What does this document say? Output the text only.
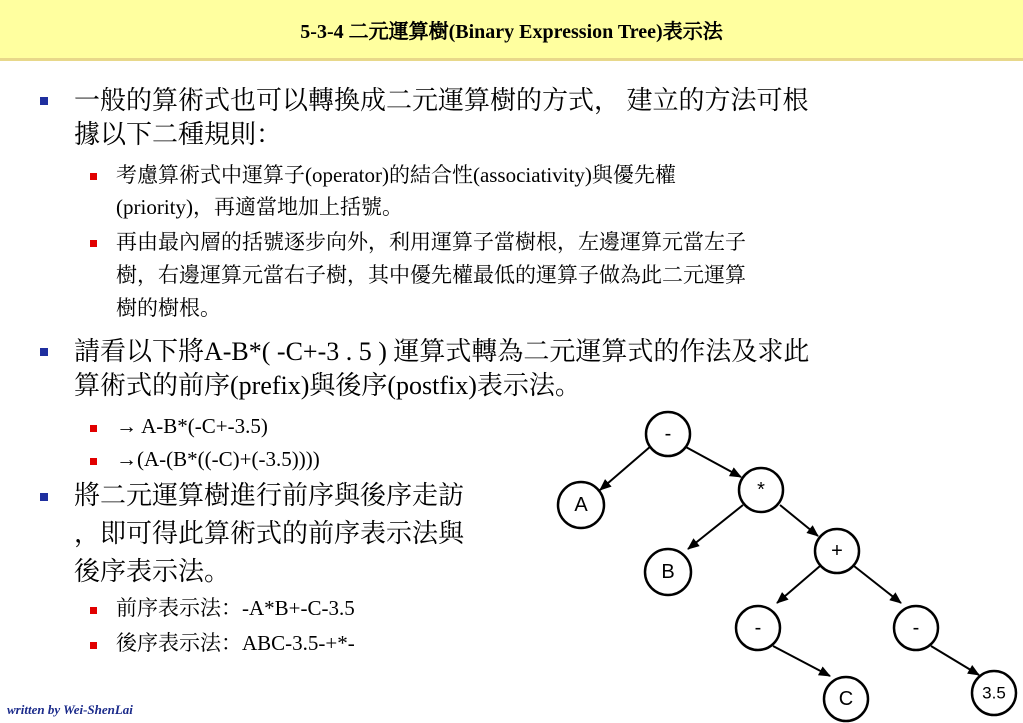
5-3-4 二元運算樹(Binary Expression Tree)表示法
一般的算術式也可以轉換成二元運算樹的方式， 建立的方法可根
據以下二種規則：
考慮算術式中運算子(operator)的結合性(associativity)與優先權
(priority)，再適當地加上括號。
再由最內層的括號逐步向外，利用運算子當樹根，左邊運算元當左子
樹，右邊運算元當右子樹，其中優先權最低的運算子做為此二元運算
樹的樹根。
請看以下將A-B*( -C+-3 . 5 ) 運算式轉為二元運算式的作法及求此
算術式的前序(prefix)與後序(postfix)表示法。
→ A-B*(-C+-3.5)
→(A-(B*((-C)+(-3.5))))
將二元運算樹進行前序與後序走訪
，即可得此算術式的前序表示法與
後序表示法。
前序表示法：-A*B+-C-3.5
後序表示法：ABC-3.5-+*-
-
A
*
B
+
-	-
C	3.5
written by Wei-ShenLai
